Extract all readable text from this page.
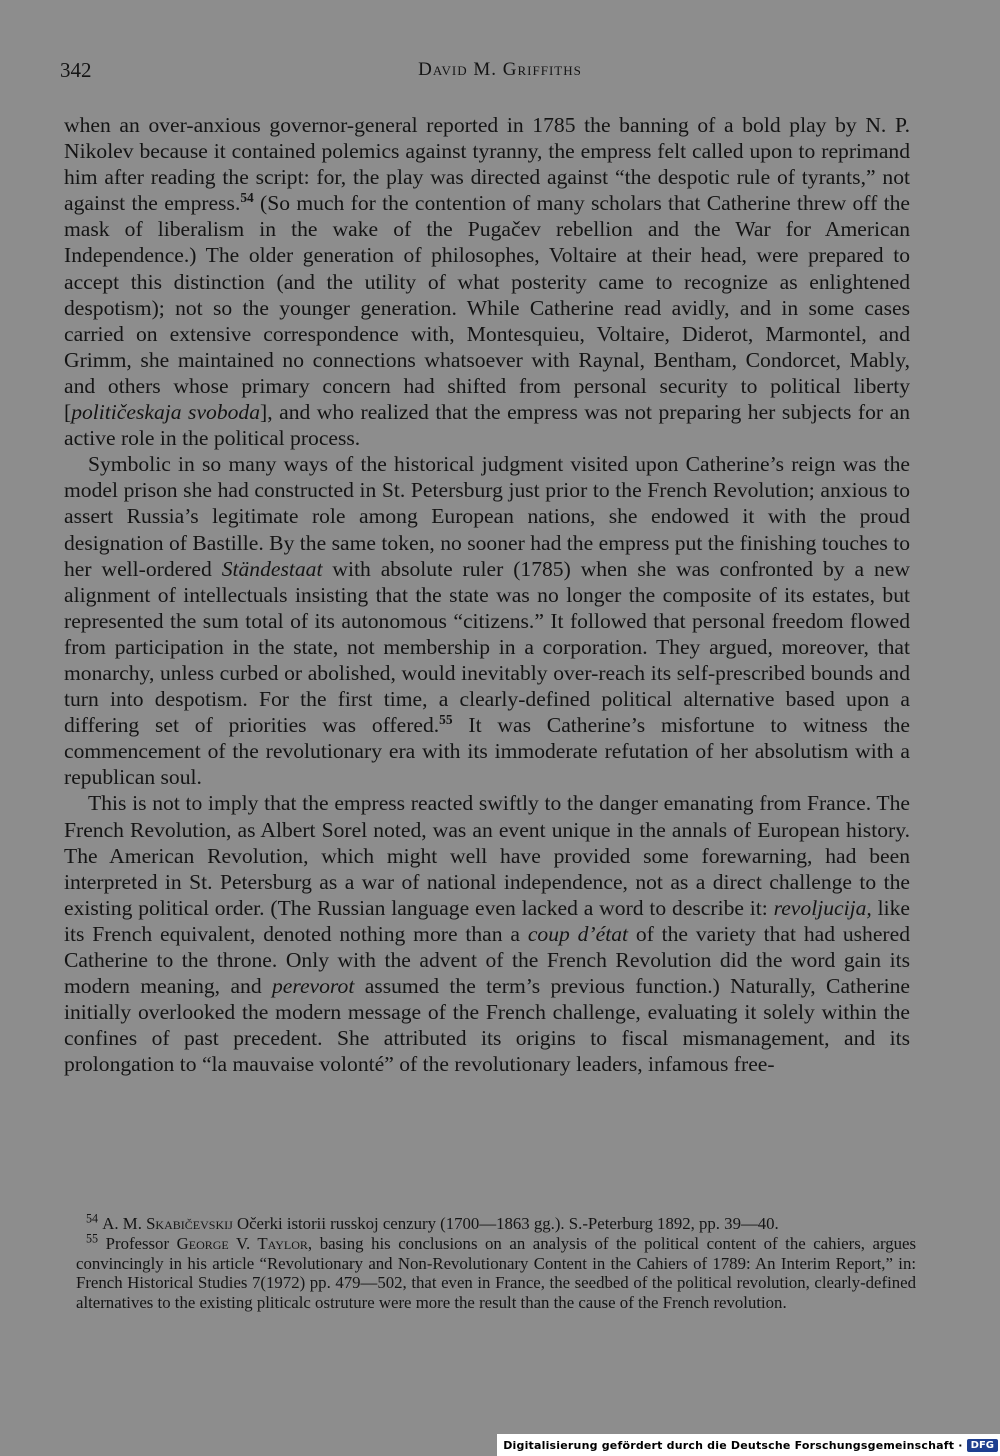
342	David M. Griffiths

when an over-anxious governor-general reported in 1785 the banning of a bold play by N. P. Nikolev because it contained polemics against tyranny, the empress felt called upon to reprimand him after reading the script: for, the play was directed against “the despotic rule of tyrants,” not against the empress.$^{54}$ (So much for the contention of many scholars that Catherine threw off the mask of liberalism in the wake of the Pugačev rebellion and the War for American Independence.) The older generation of philosophes, Voltaire at their head, were prepared to accept this distinction (and the utility of what posterity came to recognize as enlightened despotism); not so the younger generation. While Catherine read avidly, and in some cases carried on extensive correspondence with, Montesquieu, Voltaire, Diderot, Marmontel, and Grimm, she maintained no connections whatsoever with Raynal, Bentham, Condorcet, Mably, and others whose primary concern had shifted from personal security to political liberty [političeskaja svoboda], and who realized that the empress was not preparing her subjects for an active role in the political process.

Symbolic in so many ways of the historical judgment visited upon Catherine’s reign was the model prison she had constructed in St. Petersburg just prior to the French Revolution; anxious to assert Russia’s legitimate role among European nations, she endowed it with the proud designation of Bastille. By the same token, no sooner had the empress put the finishing touches to her well-ordered Ständestaat with absolute ruler (1785) when she was confronted by a new alignment of intellectuals insisting that the state was no longer the composite of its estates, but represented the sum total of its autonomous “citizens.” It followed that personal freedom flowed from participation in the state, not membership in a corporation. They argued, moreover, that monarchy, unless curbed or abolished, would inevitably over-reach its self-prescribed bounds and turn into despotism. For the first time, a clearly-defined political alternative based upon a differing set of priorities was offered.$^{55}$ It was Catherine’s misfortune to witness the commencement of the revolutionary era with its immoderate refutation of her absolutism with a republican soul.

This is not to imply that the empress reacted swiftly to the danger emanating from France. The French Revolution, as Albert Sorel noted, was an event unique in the annals of European history. The American Revolution, which might well have provided some forewarning, had been interpreted in St. Petersburg as a war of national independence, not as a direct challenge to the existing political order. (The Russian language even lacked a word to describe it: revoljucija, like its French equivalent, denoted nothing more than a coup d’état of the variety that had ushered Catherine to the throne. Only with the advent of the French Revolution did the word gain its modern meaning, and perevorot assumed the term’s previous function.) Naturally, Catherine initially overlooked the modern message of the French challenge, evaluating it solely within the confines of past precedent. She attributed its origins to fiscal mismanagement, and its prolongation to “la mauvaise volonté” of the revolutionary leaders, infamous free-

$^{54}$ A. M. Skabičevskij Očerki istorii russkoj cenzury (1700—1863 gg.). S.-Peterburg 1892, pp. 39—40.

$^{55}$ Professor George V. Taylor, basing his conclusions on an analysis of the political content of the cahiers, argues convincingly in his article “Revolutionary and Non-Revolutionary Content in the Cahiers of 1789: An Interim Report,” in: French Historical Studies 7(1972) pp. 479—502, that even in France, the seedbed of the political revolution, clearly-defined alternatives to the existing pliticalc ostruture were more the result than the cause of the French revolution.

Digitalisierung gefördert durch die Deutsche Forschungsgemeinschaft · DFG
